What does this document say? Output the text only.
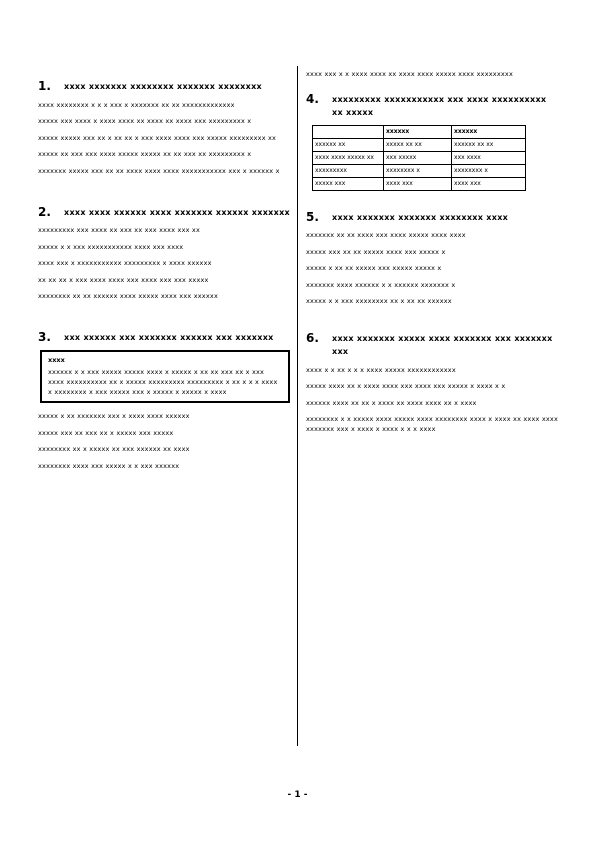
1.	xxxx xxxxxxx xxxxxxxx xxxxxxx xxxxxxxx

xxxx xxxxxxxx x x x xxx x xxxxxxx xx xx xxxxxxxxxxxxx

xxxxx xxx xxxx x xxxx xxxx xx xxxx xx xxxx xxx xxxxxxxxx x

xxxxx xxxxx xxx xx x xx xx x xxx xxxx xxxx xxx xxxxx xxxxxxxxx xx

xxxxx xx xxx xxx xxxx xxxxx xxxxx xx xx xxx xx xxxxxxxxx x

xxxxxxx xxxxx xxx xx xx xxxx xxxx xxxx xxxxxxxxxxx xxx x xxxxxx x

2.	xxxx xxxx xxxxxx xxxx xxxxxxx xxxxxx xxxxxxx

xxxxxxxxx xxx xxxx xx xxx xx xxx xxxx xxx xx

xxxxx x x xxx xxxxxxxxxxx xxxx xxx xxxx

xxxx xxx x xxxxxxxxxxx xxxxxxxxx x xxxx xxxxxx

xx xx xx x xxx xxxx xxxx xxx xxxx xxx xxx xxxxx

xxxxxxxx xx xx xxxxxx xxxx xxxxx xxxx xxx xxxxxx

3.	xxx xxxxxx xxx xxxxxxx xxxxxx xxx xxxxxxx
xxxx
xxxxxx x x xxx xxxxx xxxxx xxxx x xxxxx x xx xx xxx xx x xxx xxxx xxxxxxxxxx xx x xxxxx xxxxxxxxx xxxxxxxxx x xx x x x xxxx x xxxxxxxx x xxx xxxxx xxx x xxxxx x xxxxx x xxxx

xxxxx x xx xxxxxxx xxx x xxxx xxxx xxxxxx

xxxxx xxx xx xxx xx x xxxxx xxx xxxxx

xxxxxxxx xx x xxxxx xx xxx xxxxxx xx xxxx

xxxxxxxx xxxx xxx xxxxx x x xxx xxxxxx

xxxx xxx x x xxxx xxxx xx xxxx xxxx xxxxx xxxx xxxxxxxxx

4.	xxxxxxxxx xxxxxxxxxxx xxx xxxx xxxxxxxxxx xx xxxxx
	xxxxxx	xxxxxx
xxxxxx xx	xxxxx xx xx	xxxxxx xx xx
xxxx xxxx xxxxx xx	xxx xxxxx	xxx xxxx
xxxxxxxxx	xxxxxxxx x	xxxxxxxx x
xxxxx xxx	xxxx xxx	xxxx xxx
5.	xxxx xxxxxxx xxxxxxx xxxxxxxx xxxx

xxxxxxx xx xx xxxx xxx xxxx xxxxx xxxx xxxx

xxxxx xxx xx xx xxxxx xxxx xxx xxxxx x

xxxxx x xx xx xxxxx xxx xxxxx xxxxx x

xxxxxxx xxxx xxxxxx x x xxxxxx xxxxxxx x

xxxxx x x xxx xxxxxxxx xx x xx xx xxxxxx

6.	xxxx xxxxxxx xxxxx xxxx xxxxxxx xxx xxxxxxx xxx

xxxx x x xx x x x xxxx xxxxx xxxxxxxxxxxx

xxxxx xxxx xx x xxxx xxxx xxx xxxx xxx xxxxx x xxxx x x

xxxxxx xxxx xx xx x xxxx xx xxxx xxxx xx x xxxx

xxxxxxxx x x xxxxx xxxx xxxxx xxxx xxxxxxxx xxxx x xxxx xx xxxx xxxx xxxxxxx xxx x xxxx x xxxx x x x xxxx

- 1 -
